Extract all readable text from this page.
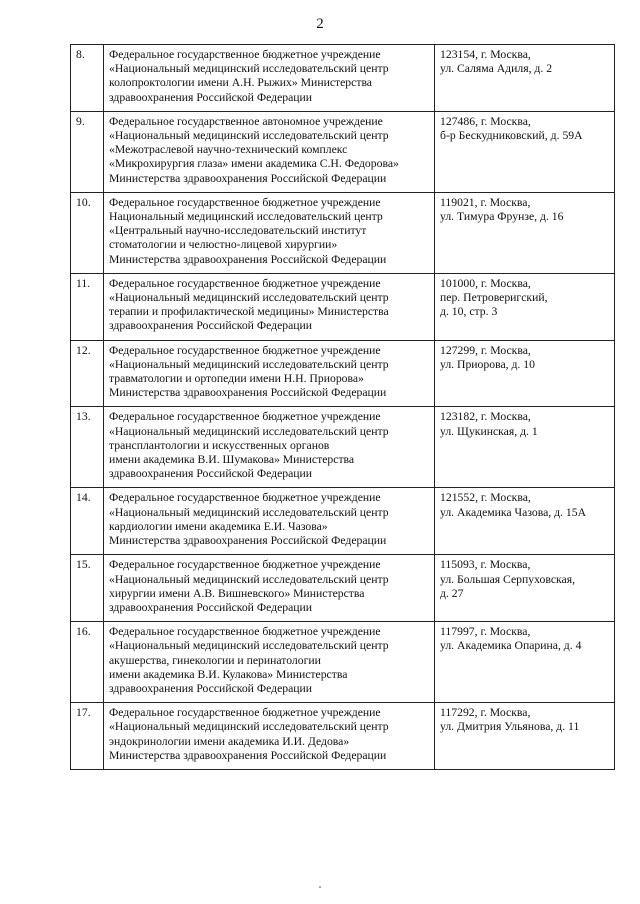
2
8.	Федеральное государственное бюджетное учреждение
«Национальный медицинский исследовательский центр
колопроктологии имени А.Н. Рыжих» Министерства
здравоохранения Российской Федерации	123154, г. Москва,
ул. Саляма Адиля, д. 2

9.	Федеральное государственное автономное учреждение
«Национальный медицинский исследовательский центр
«Межотраслевой научно-технический комплекс
«Микрохирургия глаза» имени академика С.Н. Федорова»
Министерства здравоохранения Российской Федерации	127486, г. Москва,
б-р Бескудниковский, д. 59А

10.	Федеральное государственное бюджетное учреждение
Национальный медицинский исследовательский центр
«Центральный научно-исследовательский институт
стоматологии и челюстно-лицевой хирургии»
Министерства здравоохранения Российской Федерации	119021, г. Москва,
ул. Тимура Фрунзе, д. 16

11.	Федеральное государственное бюджетное учреждение
«Национальный медицинский исследовательский центр
терапии и профилактической медицины» Министерства
здравоохранения Российской Федерации	101000, г. Москва,
пер. Петроверигский,
д. 10, стр. 3

12.	Федеральное государственное бюджетное учреждение
«Национальный медицинский исследовательский центр
травматологии и ортопедии имени Н.Н. Приорова»
Министерства здравоохранения Российской Федерации	127299, г. Москва,
ул. Приорова, д. 10

13.	Федеральное государственное бюджетное учреждение
«Национальный медицинский исследовательский центр
трансплантологии и искусственных органов
имени академика В.И. Шумакова» Министерства
здравоохранения Российской Федерации	123182, г. Москва,
ул. Щукинская, д. 1

14.	Федеральное государственное бюджетное учреждение
«Национальный медицинский исследовательский центр
кардиологии имени академика Е.И. Чазова»
Министерства здравоохранения Российской Федерации	121552, г. Москва,
ул. Академика Чазова, д. 15А

15.	Федеральное государственное бюджетное учреждение
«Национальный медицинский исследовательский центр
хирургии имени А.В. Вишневского» Министерства
здравоохранения Российской Федерации	115093, г. Москва,
ул. Большая Серпуховская,
д. 27

16.	Федеральное государственное бюджетное учреждение
«Национальный медицинский исследовательский центр
акушерства, гинекологии и перинатологии
имени академика В.И. Кулакова» Министерства
здравоохранения Российской Федерации	117997, г. Москва,
ул. Академика Опарина, д. 4

17.	Федеральное государственное бюджетное учреждение
«Национальный медицинский исследовательский центр
эндокринологии имени академика И.И. Дедова»
Министерства здравоохранения Российской Федерации	117292, г. Москва,
ул. Дмитрия Ульянова, д. 11
